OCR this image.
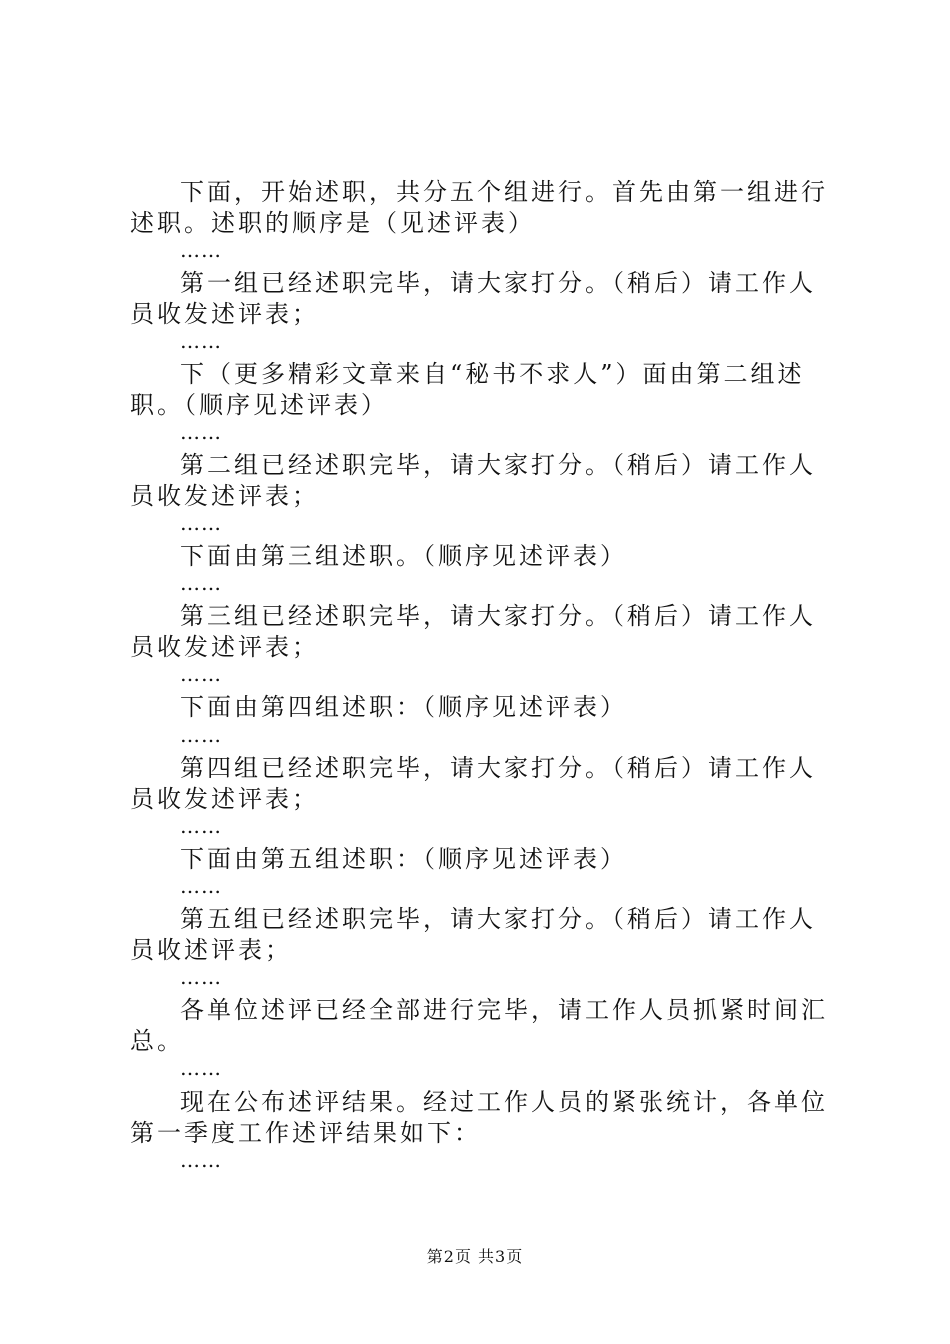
下面，开始述职，共分五个组进行。首先由第一组进行述职。述职的顺序是（见述评表）
……
第一组已经述职完毕，请大家打分。（稍后）请工作人员收发述评表；
……
下（更多精彩文章来自“秘书不求人”）面由第二组述职。（顺序见述评表）
……
第二组已经述职完毕，请大家打分。（稍后）请工作人员收发述评表；
……
下面由第三组述职。（顺序见述评表）
……
第三组已经述职完毕，请大家打分。（稍后）请工作人员收发述评表；
……
下面由第四组述职：（顺序见述评表）
……
第四组已经述职完毕，请大家打分。（稍后）请工作人员收发述评表；
……
下面由第五组述职：（顺序见述评表）
……
第五组已经述职完毕，请大家打分。（稍后）请工作人员收述评表；
……
各单位述评已经全部进行完毕，请工作人员抓紧时间汇总。
……
现在公布述评结果。经过工作人员的紧张统计，各单位第一季度工作述评结果如下：
……
第2页 共3页
